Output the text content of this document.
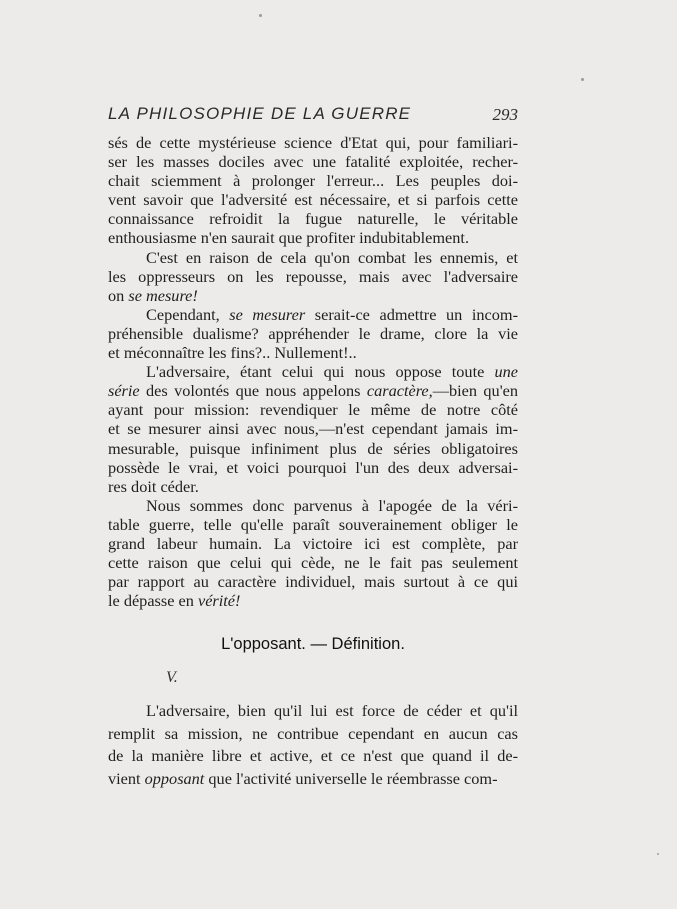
LA PHILOSOPHIE DE LA GUERRE	293
sés de cette mystérieuse science d'Etat qui, pour familiari-
ser les masses dociles avec une fatalité exploitée, recher-
chait sciemment à prolonger l'erreur... Les peuples doi-
vent savoir que l'adversité est nécessaire, et si parfois cette
connaissance refroidit la fugue naturelle, le véritable
enthousiasme n'en saurait que profiter indubitablement.
C'est en raison de cela qu'on combat les ennemis, et
les oppresseurs on les repousse, mais avec l'adversaire
on se mesure!
Cependant, se mesurer serait-ce admettre un incom-
préhensible dualisme? appréhender le drame, clore la vie
et méconnaître les fins?.. Nullement!..
L'adversaire, étant celui qui nous oppose toute une
série des volontés que nous appelons caractère,—bien qu'en
ayant pour mission: revendiquer le même de notre côté
et se mesurer ainsi avec nous,—n'est cependant jamais im-
mesurable, puisque infiniment plus de séries obligatoires
possède le vrai, et voici pourquoi l'un des deux adversai-
res doit céder.
Nous sommes donc parvenus à l'apogée de la véri-
table guerre, telle qu'elle paraît souverainement obliger le
grand labeur humain. La victoire ici est complète, par
cette raison que celui qui cède, ne le fait pas seulement
par rapport au caractère individuel, mais surtout à ce qui
le dépasse en vérité!
L'opposant. — Définition.
V.
L'adversaire, bien qu'il lui est force de céder et qu'il
remplit sa mission, ne contribue cependant en aucun cas
de la manière libre et active, et ce n'est que quand il de-
vient opposant que l'activité universelle le réembrasse com-
